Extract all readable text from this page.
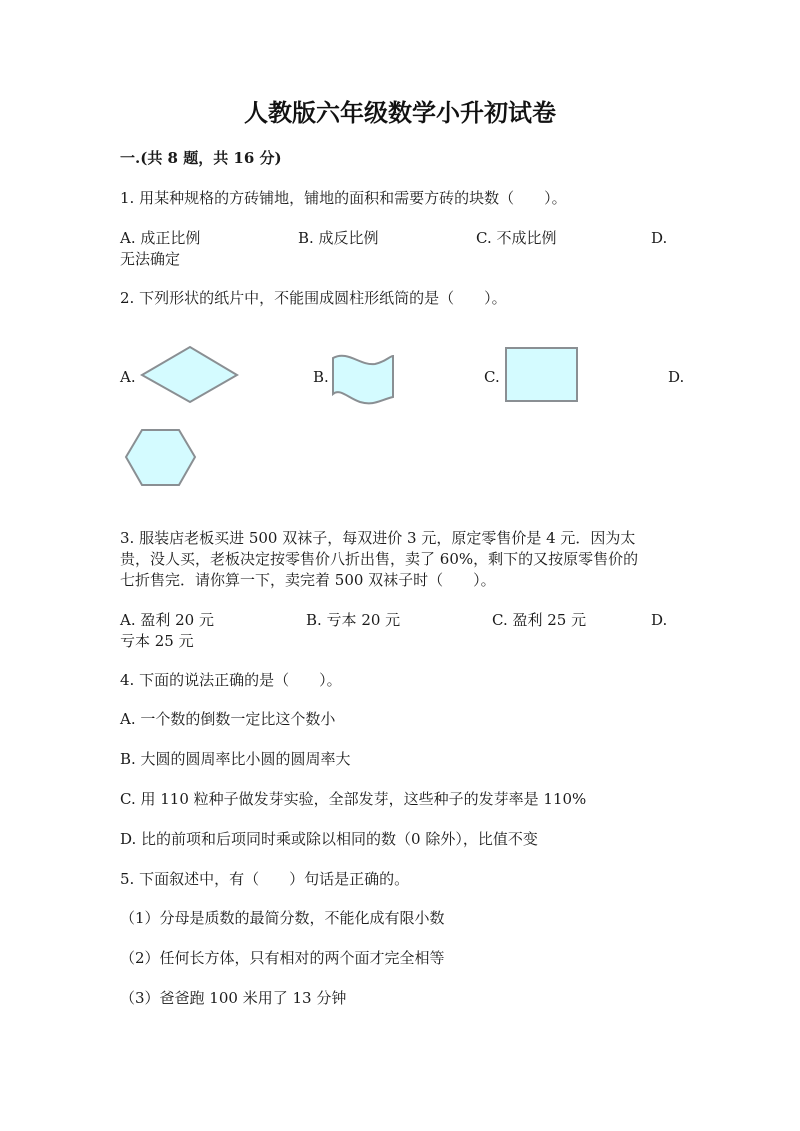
人教版六年级数学小升初试卷
一.(共 8 题，共 16 分)
1. 用某种规格的方砖铺地，铺地的面积和需要方砖的块数（　　）。
A. 成正比例	B. 成反比例	C. 不成比例	D.
无法确定
2. 下列形状的纸片中，不能围成圆柱形纸筒的是（　　）。
A.	B.	C.	D.
3. 服装店老板买进 500 双袜子，每双进价 3 元，原定零售价是 4 元．因为太
贵，没人买，老板决定按零售价八折出售，卖了 60%，剩下的又按原零售价的
七折售完．请你算一下，卖完着 500 双袜子时（　　）。
A. 盈利 20 元	B. 亏本 20 元	C. 盈利 25 元	D.
亏本 25 元
4. 下面的说法正确的是（　　）。
A. 一个数的倒数一定比这个数小
B. 大圆的圆周率比小圆的圆周率大
C. 用 110 粒种子做发芽实验，全部发芽，这些种子的发芽率是 110%
D. 比的前项和后项同时乘或除以相同的数（0 除外），比值不变
5. 下面叙述中，有（　　）句话是正确的。
（1）分母是质数的最简分数，不能化成有限小数
（2）任何长方体，只有相对的两个面才完全相等
（3）爸爸跑 100 米用了 13 分钟
